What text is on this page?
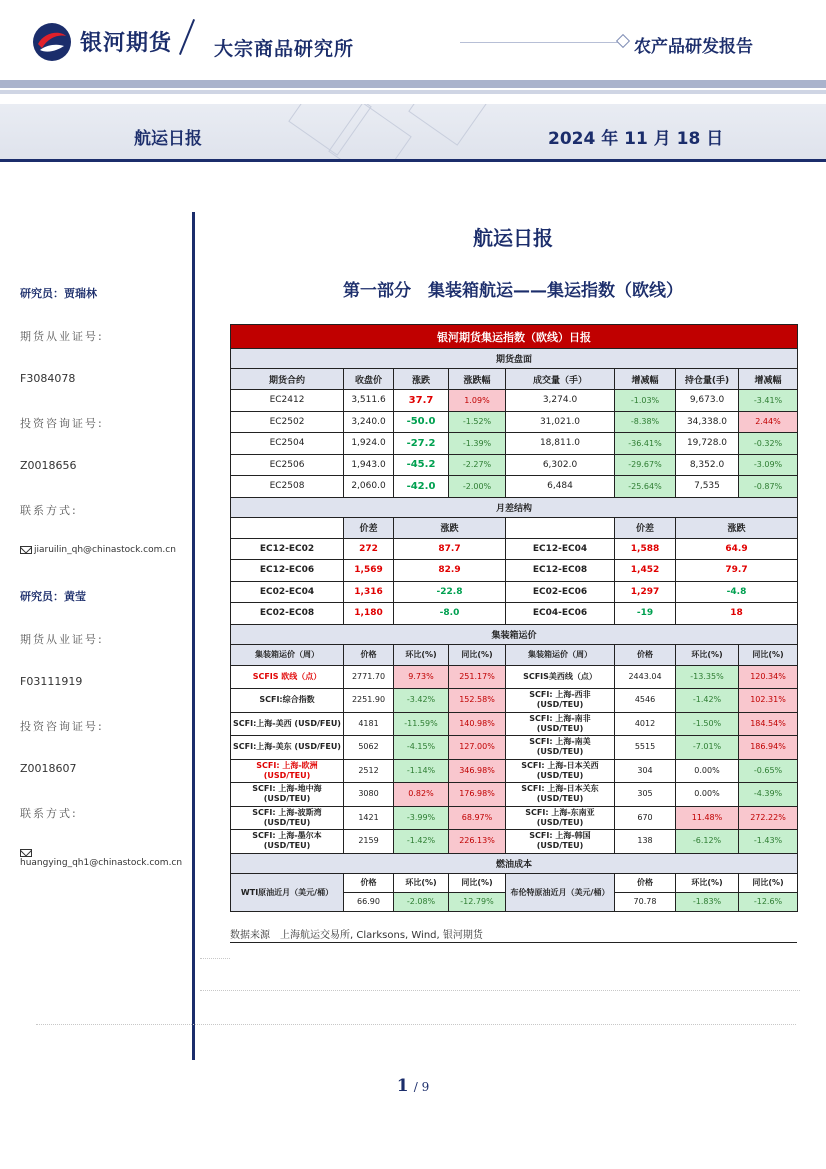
银河期货 大宗商品研究所	农产品研发报告
航运日报	2024 年 11 月 18 日
研究员：贾瑞林
期货从业证号:
F3084078
投资咨询证号:
Z0018656
联系方式:
jiaruilin_qh@chinastock.com.cn
研究员：黄莹
期货从业证号:
F03111919
投资咨询证号:
Z0018607
联系方式:
huangying_qh1@chinastock.com.cn
航运日报
第一部分　集装箱航运——集运指数（欧线）
银河期货集运指数（欧线）日报							
期货盘面							
期货合约	收盘价	涨跌	涨跌幅	成交量（手）	增减幅	持仓量(手)	增减幅
EC2412	3,511.6	37.7	1.09%	3,274.0	-1.03%	9,673.0	-3.41%
EC2502	3,240.0	-50.0	-1.52%	31,021.0	-8.38%	34,338.0	2.44%
EC2504	1,924.0	-27.2	-1.39%	18,811.0	-36.41%	19,728.0	-0.32%
EC2506	1,943.0	-45.2	-2.27%	6,302.0	-29.67%	8,352.0	-3.09%
EC2508	2,060.0	-42.0	-2.00%	6,484	-25.64%	7,535	-0.87%
月差结构							
	价差	涨跌			价差	涨跌	
EC12-EC02	272	87.7		EC12-EC04	1,588	64.9	
EC12-EC06	1,569	82.9		EC12-EC08	1,452	79.7	
EC02-EC04	1,316	-22.8		EC02-EC06	1,297	-4.8	
EC02-EC08	1,180	-8.0		EC04-EC06	-19	18	
集装箱运价							
集装箱运价（周）	价格	环比(%)	同比(%)	集装箱运价（周）	价格	环比(%)	同比(%)
SCFIS 欧线（点）	2771.70	9.73%	251.17%	SCFIS美西线（点）	2443.04	-13.35%	120.34%
SCFI:综合指数	2251.90	-3.42%	152.58%	SCFI: 上海-西非 (USD/TEU)	4546	-1.42%	102.31%
SCFI:上海-美西 (USD/FEU)	4181	-11.59%	140.98%	SCFI: 上海-南非 (USD/TEU)	4012	-1.50%	184.54%
SCFI:上海-美东 (USD/FEU)	5062	-4.15%	127.00%	SCFI: 上海-南美 (USD/TEU)	5515	-7.01%	186.94%
SCFI: 上海-欧洲 (USD/TEU)	2512	-1.14%	346.98%	SCFI: 上海-日本关西 (USD/TEU)	304	0.00%	-0.65%
SCFI: 上海-地中海 (USD/TEU)	3080	0.82%	176.98%	SCFI: 上海-日本关东 (USD/TEU)	305	0.00%	-4.39%
SCFI: 上海-波斯湾 (USD/TEU)	1421	-3.99%	68.97%	SCFI: 上海-东南亚 (USD/TEU)	670	11.48%	272.22%
SCFI: 上海-墨尔本 (USD/TEU)	2159	-1.42%	226.13%	SCFI: 上海-韩国 (USD/TEU)	138	-6.12%	-1.43%
燃油成本							
WTI原油近月（美元/桶）	价格	环比(%)	同比(%)	布伦特原油近月（美元/桶）	价格	环比(%)	同比(%)
	66.90	-2.08%	-12.79%		70.78	-1.83%	-12.6%
数据来源　上海航运交易所, Clarksons, Wind, 银河期货
1 / 9
